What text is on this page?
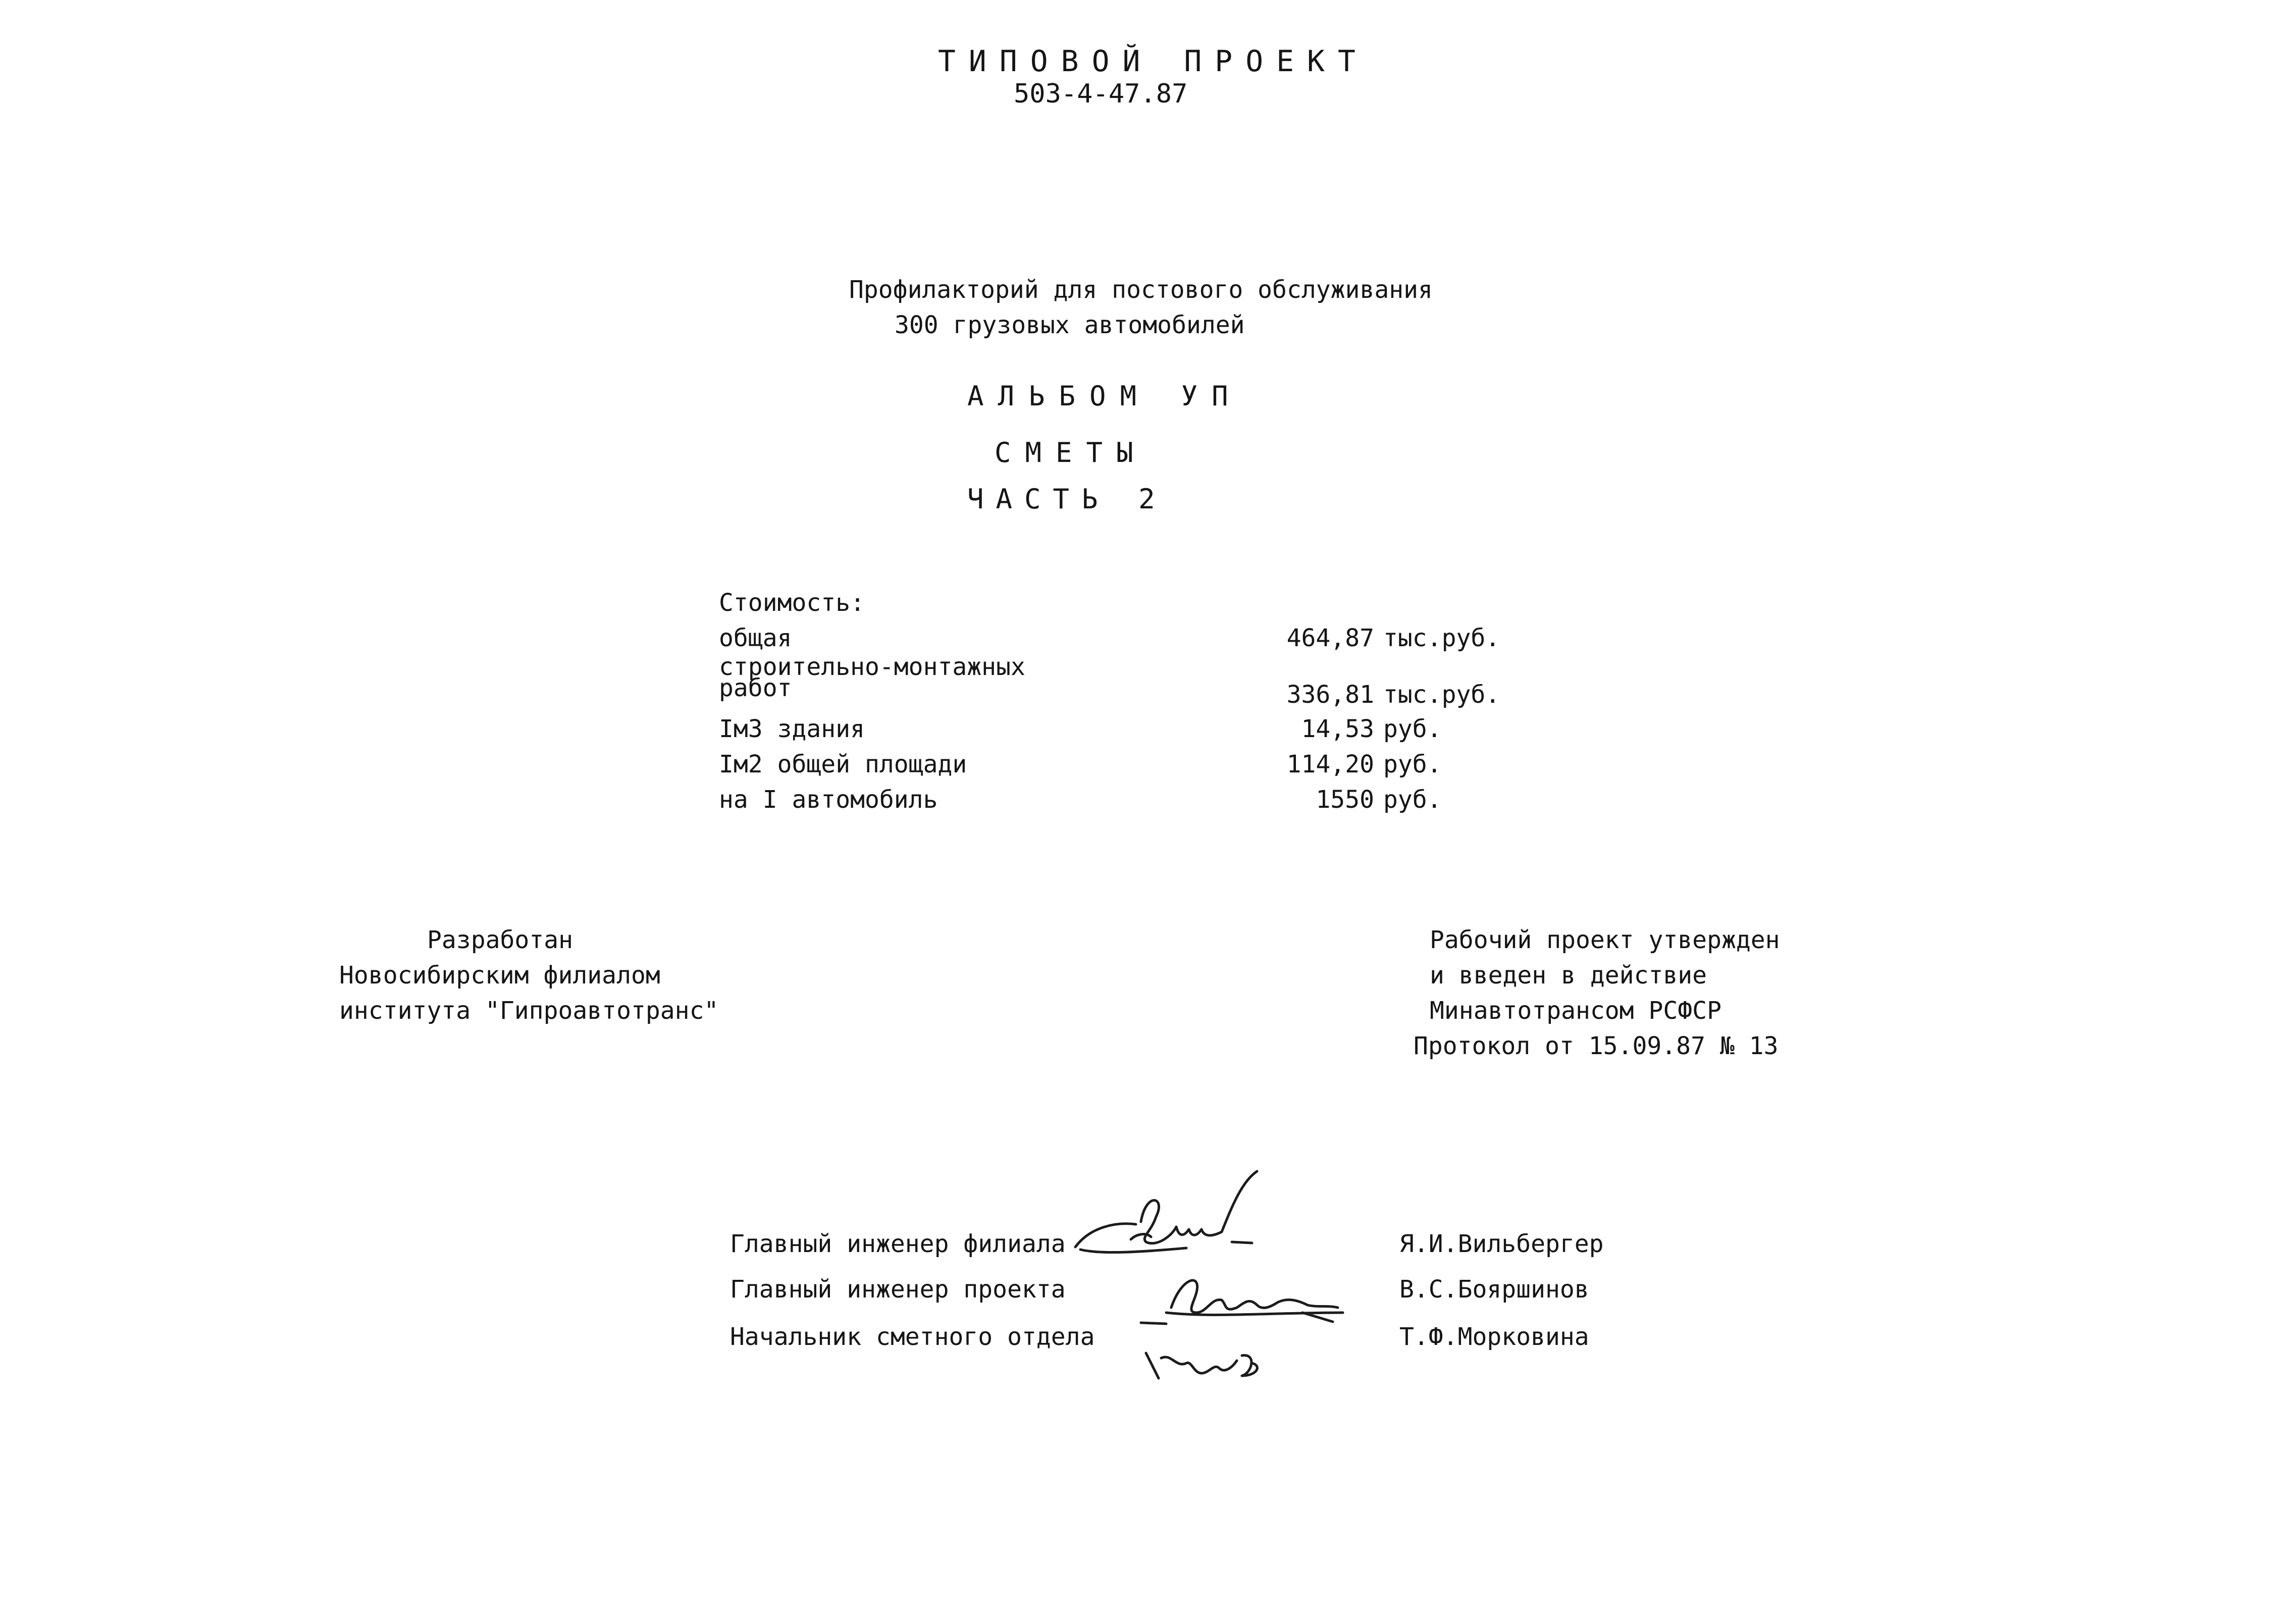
ТИПОВОЙ ПРОЕКТ
503-4-47.87
Профилакторий для постового обслуживания
300 грузовых автомобилей
АЛЬБОМ УП
СМЕТЫ
ЧАСТЬ 2
Стоимость:
общая	464,87 тыс.руб.
строительно-монтажных
работ	336,81 тыс.руб.
Iм3 здания	14,53 руб.
Iм2 общей площади	114,20 руб.
на I автомобиль	1550 руб.
Разработан
Новосибирским филиалом
института "Гипроавтотранс"
Рабочий проект утвержден
и введен в действие
Минавтотрансом РСФСР
Протокол от 15.09.87 № 13
Главный инженер филиала	Я.И.Вильбергер
Главный инженер проекта	В.С.Бояршинов
Начальник сметного отдела	Т.Ф.Морковина
